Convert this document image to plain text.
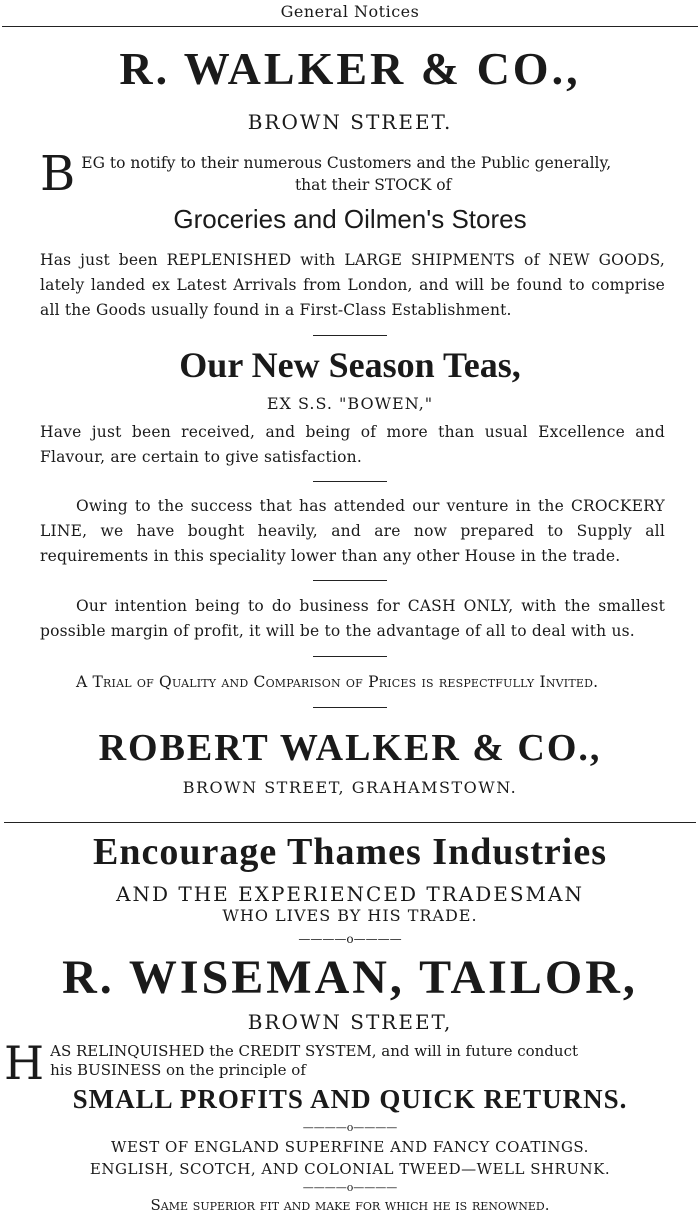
General Notices
R. WALKER & CO.,
BROWN STREET.
B EG to notify to their numerous Customers and the Public generally,
that their STOCK of
Groceries and Oilmen's Stores
Has just been REPLENISHED with LARGE SHIPMENTS of NEW GOODS, lately landed ex Latest Arrivals from London, and will be found to comprise all the Goods usually found in a First-Class Establishment.
Our New Season Teas,
EX S.S. "BOWEN,"
Have just been received, and being of more than usual Excellence and Flavour, are certain to give satisfaction.
Owing to the success that has attended our venture in the CROCKERY LINE, we have bought heavily, and are now prepared to Supply all requirements in this speciality lower than any other House in the trade.
Our intention being to do business for CASH ONLY, with the smallest possible margin of profit, it will be to the advantage of all to deal with us.
A Trial of Quality and Comparison of Prices is respectfully Invited.
ROBERT WALKER & CO.,
BROWN STREET, GRAHAMSTOWN.
Encourage Thames Industries
AND THE EXPERIENCED TRADESMAN
WHO LIVES BY HIS TRADE.
————o————
R. WISEMAN, TAILOR,
BROWN STREET,
H AS RELINQUISHED the CREDIT SYSTEM, and will in future conduct
his BUSINESS on the principle of
SMALL PROFITS AND QUICK RETURNS.
————o————
WEST OF ENGLAND SUPERFINE AND FANCY COATINGS.
ENGLISH, SCOTCH, AND COLONIAL TWEED—WELL SHRUNK.
————o————
Same superior fit and make for which he is renowned.
